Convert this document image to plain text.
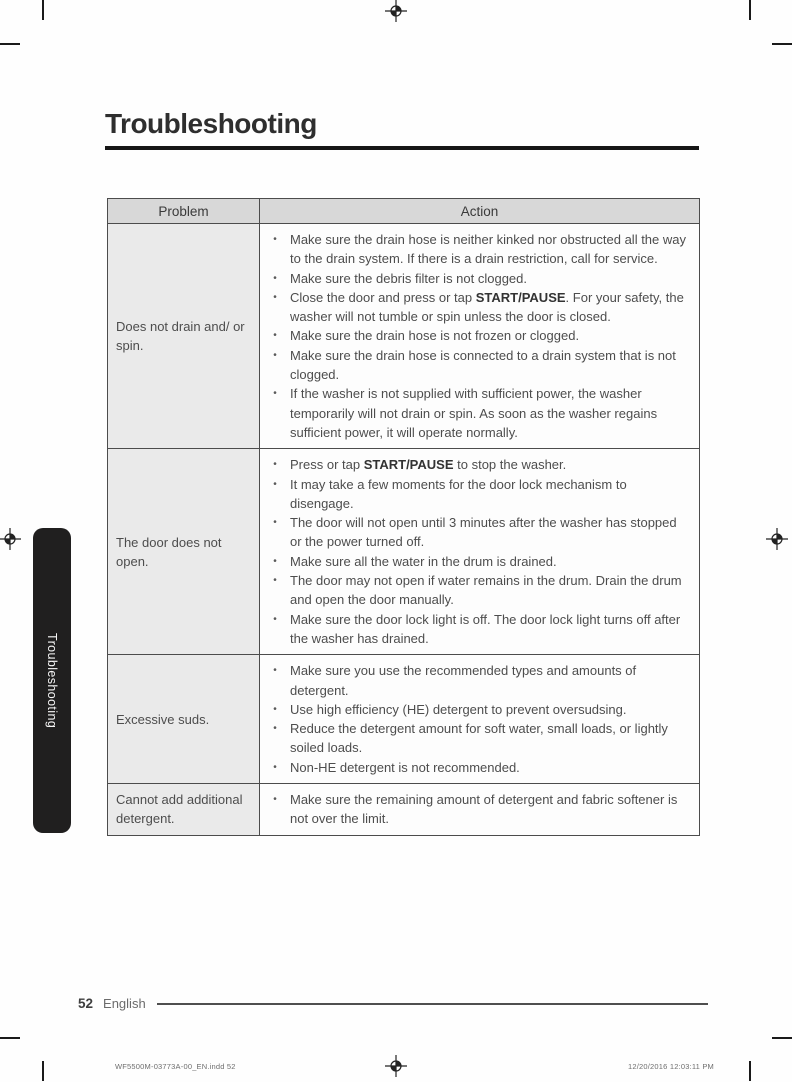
Troubleshooting
Problem	Action
Does not drain and/ or spin.	
•	Make sure the drain hose is neither kinked nor obstructed all the way to the drain system. If there is a drain restriction, call for service.
•	Make sure the debris filter is not clogged.
•	Close the door and press or tap START/PAUSE. For your safety, the washer will not tumble or spin unless the door is closed.
•	Make sure the drain hose is not frozen or clogged.
•	Make sure the drain hose is connected to a drain system that is not clogged.
•	If the washer is not supplied with sufficient power, the washer temporarily will not drain or spin. As soon as the washer regains sufficient power, it will operate normally.

The door does not open.	
•	Press or tap START/PAUSE to stop the washer.
•	It may take a few moments for the door lock mechanism to disengage.
•	The door will not open until 3 minutes after the washer has stopped or the power turned off.
•	Make sure all the water in the drum is drained.
•	The door may not open if water remains in the drum. Drain the drum and open the door manually.
•	Make sure the door lock light is off. The door lock light turns off after the washer has drained.

Excessive suds.	
•	Make sure you use the recommended types and amounts of detergent.
•	Use high efficiency (HE) detergent to prevent oversudsing.
•	Reduce the detergent amount for soft water, small loads, or lightly soiled loads.
•	Non-HE detergent is not recommended.

Cannot add additional detergent.	
•	Make sure the remaining amount of detergent and fabric softener is not over the limit.
Troubleshooting
52 English
WF5500M-03773A-00_EN.indd 52	12/20/2016 12:03:11 PM
